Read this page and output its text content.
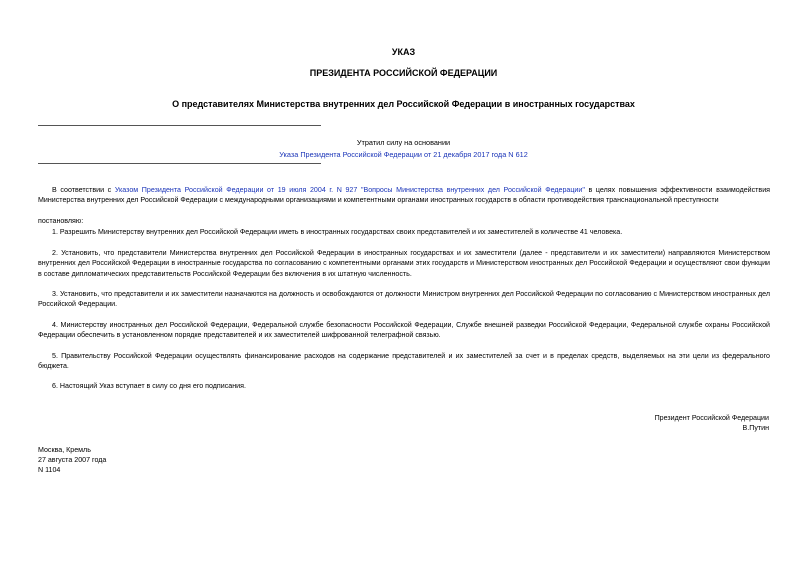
УКАЗ
ПРЕЗИДЕНТА РОССИЙСКОЙ ФЕДЕРАЦИИ
О представителях Министерства внутренних дел Российской Федерации в иностранных государствах
Утратил силу на основании
Указа Президента Российской Федерации от 21 декабря 2017 года N 612
В соответствии с Указом Президента Российской Федерации от 19 июля 2004 г. N 927 "Вопросы Министерства внутренних дел Российской Федерации" в целях повышения эффективности взаимодействия Министерства внутренних дел Российской Федерации с международными организациями и компетентными органами иностранных государств в области противодействия транснациональной преступности
постановляю:
1. Разрешить Министерству внутренних дел Российской Федерации иметь в иностранных государствах своих представителей и их заместителей в количестве 41 человека.
2. Установить, что представители Министерства внутренних дел Российской Федерации в иностранных государствах и их заместители (далее - представители и их заместители) направляются Министерством внутренних дел Российской Федерации в иностранные государства по согласованию с компетентными органами этих государств и Министерством иностранных дел Российской Федерации и осуществляют свои функции в составе дипломатических представительств Российской Федерации без включения в их штатную численность.
3. Установить, что представители и их заместители назначаются на должность и освобождаются от должности Министром внутренних дел Российской Федерации по согласованию с Министерством иностранных дел Российской Федерации.
4. Министерству иностранных дел Российской Федерации, Федеральной службе безопасности Российской Федерации, Службе внешней разведки Российской Федерации, Федеральной службе охраны Российской Федерации обеспечить в установленном порядке представителей и их заместителей шифрованной телеграфной связью.
5. Правительству Российской Федерации осуществлять финансирование расходов на содержание представителей и их заместителей за счет и в пределах средств, выделяемых на эти цели из федерального бюджета.
6. Настоящий Указ вступает в силу со дня его подписания.
Президент Российской Федерации
В.Путин
Москва, Кремль
27 августа 2007 года
N 1104
